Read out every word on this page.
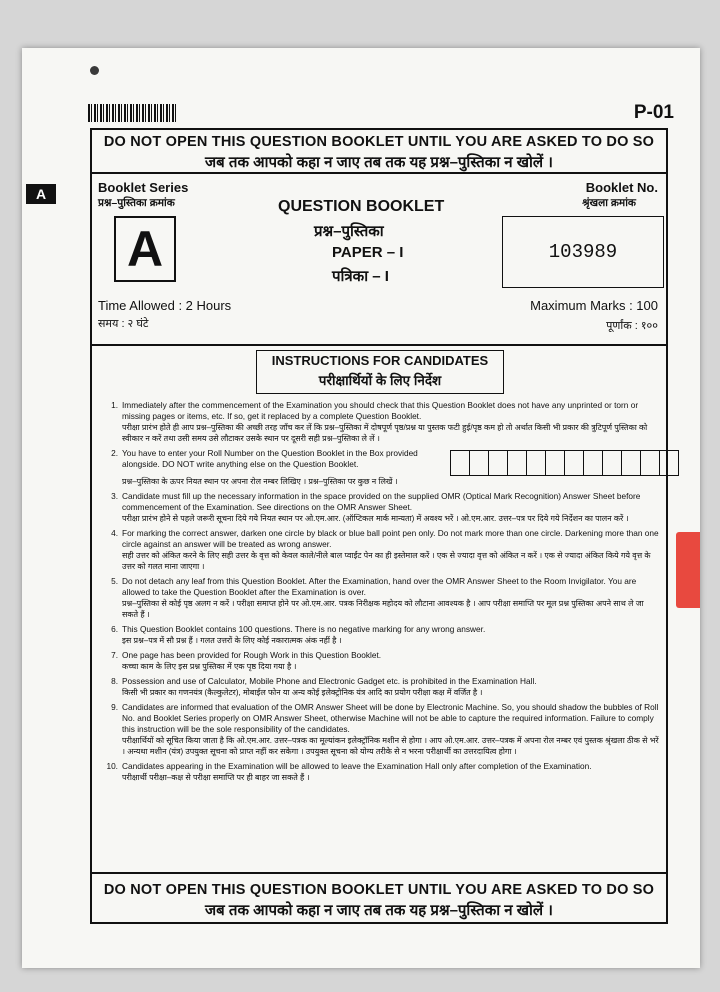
P-01
A
DO NOT OPEN THIS QUESTION BOOKLET UNTIL YOU ARE ASKED TO DO SO
जब तक आपको कहा न जाए तब तक यह प्रश्न–पुस्तिका न खोलें ।
Booklet Series
प्रश्न–पुस्तिका क्रमांक
A
QUESTION BOOKLET
प्रश्न–पुस्तिका
PAPER – I
पत्रिका – I
Booklet No.
श्रृंखला क्रमांक
103989
Time Allowed : 2 Hours
समय : २ घंटे
Maximum Marks : 100
पूर्णांक : १००
INSTRUCTIONS FOR CANDIDATES
परीक्षार्थियों के लिए निर्देश
1. Immediately after the commencement of the Examination you should check that this Question Booklet does not have any unprinted or torn or missing pages or items, etc. If so, get it replaced by a complete Question Booklet.

परीक्षा प्रारंभ होते ही आप प्रश्न–पुस्तिका की अच्छी तरह जाँच कर लें कि प्रश्न–पुस्तिका में दोषपूर्ण पृष्ठ/प्रश्न या पुस्तक फटी हुई/पृष्ठ कम हो तो अर्थात किसी भी प्रकार की त्रुटिपूर्ण पुस्तिका को स्वीकार न करें तथा उसी समय उसे लौटाकर उसके स्थान पर दूसरी सही प्रश्न–पुस्तिका ले लें ।

2. You have to enter your Roll Number on the Question Booklet in the Box provided alongside. DO NOT write anything else on the Question Booklet.

प्रश्न–पुस्तिका के ऊपर नियत स्थान पर अपना रोल नम्बर लिखिए । प्रश्न–पुस्तिका पर कुछ न लिखें ।

3. Candidate must fill up the necessary information in the space provided on the supplied OMR (Optical Mark Recognition) Answer Sheet before commencement of the Examination. See directions on the OMR Answer Sheet.

परीक्षा प्रारंभ होने से पहले जरूरी सूचना दिये गये नियत स्थान पर ओ.एम.आर. (ऑप्टिकल मार्क मान्यता) में अवश्य भरें । ओ.एम.आर. उत्तर–पत्र पर दिये गये निर्देशन का पालन करें ।

4. For marking the correct answer, darken one circle by black or blue ball point pen only. Do not mark more than one circle. Darkening more than one circle against an answer will be treated as wrong answer.

सही उत्तर को अंकित करने के लिए सही उत्तर के वृत्त को केवल काले/नीले बाल प्वाईंट पेन का ही इस्तेमाल करें । एक से ज्यादा वृत्त को अंकित न करें । एक से ज्यादा अंकित किये गये वृत्त के उत्तर को गलत माना जाएगा ।

5. Do not detach any leaf from this Question Booklet. After the Examination, hand over the OMR Answer Sheet to the Room Invigilator. You are allowed to take the Question Booklet after the Examination is over.

प्रश्न–पुस्तिका से कोई पृष्ठ अलग न करें । परीक्षा समाप्त होने पर ओ.एम.आर. पत्रक निरीक्षक महोदय को लौटाना आवश्यक है । आप परीक्षा समाप्ति पर मूल प्रश्न पुस्तिका अपने साथ ले जा सकते हैं ।

6. This Question Booklet contains 100 questions. There is no negative marking for any wrong answer.

इस प्रश्न–पत्र में सौ प्रश्न हैं । गलत उत्तरों के लिए कोई नकारात्मक अंक नहीं है ।

7. One page has been provided for Rough Work in this Question Booklet.

कच्चा काम के लिए इस प्रश्न पुस्तिका में एक पृष्ठ दिया गया है ।

8. Possession and use of Calculator, Mobile Phone and Electronic Gadget etc. is prohibited in the Examination Hall.

किसी भी प्रकार का गणनयंत्र (कैल्कुलेटर), मोबाईल फोन या अन्य कोई इलेक्ट्रोनिक यंत्र आदि का प्रयोग परीक्षा कक्ष में वर्जित है ।

9. Candidates are informed that evaluation of the OMR Answer Sheet will be done by Electronic Machine. So, you should shadow the bubbles of Roll No. and Booklet Series properly on OMR Answer Sheet, otherwise Machine will not be able to capture the required information. Failure to comply this instruction will be the sole responsibility of the candidates.

परीक्षार्थियों को सूचित किया जाता है कि ओ.एम.आर. उत्तर–पत्रक का मूल्यांकन इलेक्ट्रॉनिक मशीन से होगा । आप ओ.एम.आर. उत्तर–पत्रक में अपना रोल नम्बर एवं पुस्तक श्रृंखला ठीक से भरें । अन्यथा मशीन (यंत्र) उपयुक्त सूचना को प्राप्त नहीं कर सकेगा । उपयुक्त सूचना को योग्य तरीके से न भरना परीक्षार्थी का उत्तरदायित्व होगा ।

10. Candidates appearing in the Examination will be allowed to leave the Examination Hall only after completion of the Examination.

परीक्षार्थी परीक्षा–कक्ष से परीक्षा समाप्ति पर ही बाहर जा सकते हैं ।

DO NOT OPEN THIS QUESTION BOOKLET UNTIL YOU ARE ASKED TO DO SO
जब तक आपको कहा न जाए तब तक यह प्रश्न–पुस्तिका न खोलें ।
